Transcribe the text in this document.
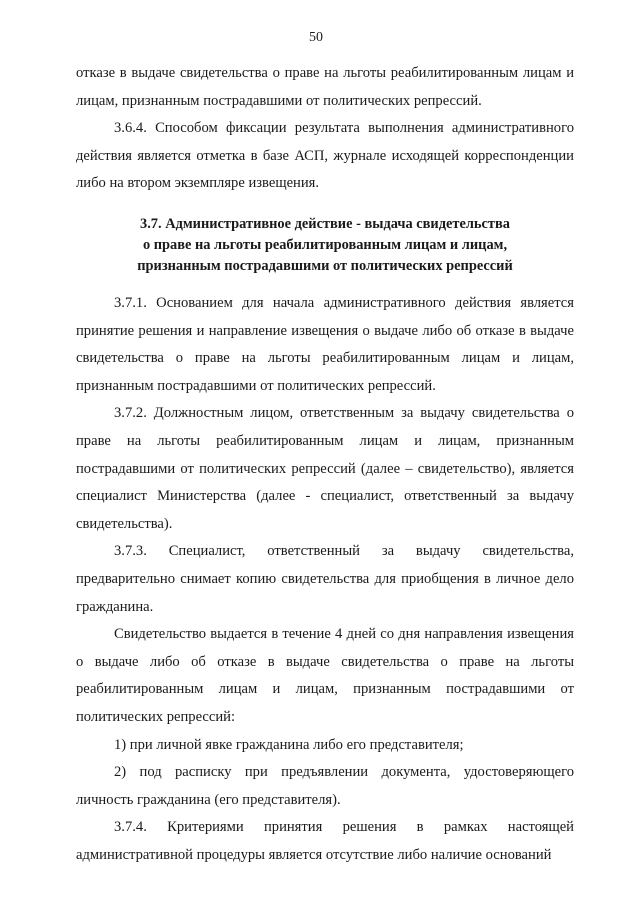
50

отказе в выдаче свидетельства о праве на льготы реабилитированным лицам и лицам, признанным пострадавшими от политических репрессий.

3.6.4. Способом фиксации результата выполнения административного действия является отметка в базе АСП, журнале исходящей корреспонденции либо на втором экземпляре извещения.

3.7. Административное действие - выдача свидетельства
о праве на льготы реабилитированным лицам и лицам,
признанным пострадавшими от политических репрессий

3.7.1. Основанием для начала административного действия является принятие решения и направление извещения о выдаче либо об отказе в выдаче свидетельства о праве на льготы реабилитированным лицам и лицам, признанным пострадавшими от политических репрессий.

3.7.2. Должностным лицом, ответственным за выдачу свидетельства о праве на льготы реабилитированным лицам и лицам, признанным пострадавшими от политических репрессий (далее – свидетельство), является специалист Министерства (далее - специалист, ответственный за выдачу свидетельства).

3.7.3. Специалист, ответственный за выдачу свидетельства, предварительно снимает копию свидетельства для приобщения в личное дело гражданина.

Свидетельство выдается в течение 4 дней со дня направления извещения о выдаче либо об отказе в выдаче свидетельства о праве на льготы реабилитированным лицам и лицам, признанным пострадавшими от политических репрессий:

1) при личной явке гражданина либо его представителя;

2) под расписку при предъявлении документа, удостоверяющего личность гражданина (его представителя).

3.7.4. Критериями принятия решения в рамках настоящей административной процедуры является отсутствие либо наличие оснований
